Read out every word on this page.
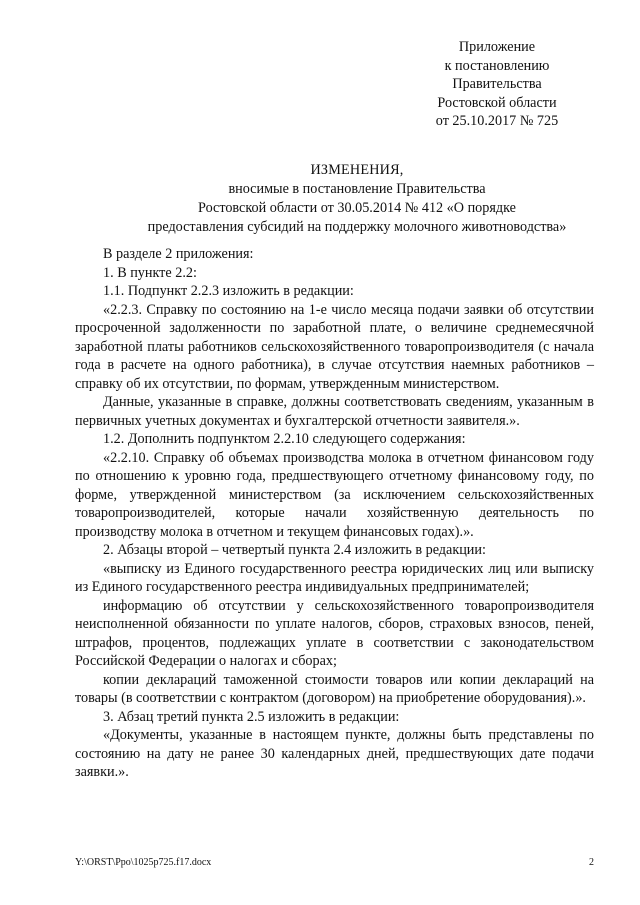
Приложение
к постановлению
Правительства
Ростовской области
от 25.10.2017 № 725
ИЗМЕНЕНИЯ,
вносимые в постановление Правительства
Ростовской области от 30.05.2014 № 412 «О порядке
предоставления субсидий на поддержку молочного животноводства»

В разделе 2 приложения:

1. В пункте 2.2:

1.1. Подпункт 2.2.3 изложить в редакции:

«2.2.3. Справку по состоянию на 1-е число месяца подачи заявки об отсутствии просроченной задолженности по заработной плате, о величине среднемесячной заработной платы работников сельскохозяйственного товаропроизводителя (с начала года в расчете на одного работника), в случае отсутствия наемных работников – справку об их отсутствии, по формам, утвержденным министерством.

Данные, указанные в справке, должны соответствовать сведениям, указанным в первичных учетных документах и бухгалтерской отчетности заявителя.».

1.2. Дополнить подпунктом 2.2.10 следующего содержания:

«2.2.10. Справку об объемах производства молока в отчетном финансовом году по отношению к уровню года, предшествующего отчетному финансовому году, по форме, утвержденной министерством (за исключением сельскохозяйственных товаропроизводителей, которые начали хозяйственную деятельность по производству молока в отчетном и текущем финансовых годах).».

2. Абзацы второй – четвертый пункта 2.4 изложить в редакции:

«выписку из Единого государственного реестра юридических лиц или выписку из Единого государственного реестра индивидуальных предпринимателей;

информацию об отсутствии у сельскохозяйственного товаропроизводителя неисполненной обязанности по уплате налогов, сборов, страховых взносов, пеней, штрафов, процентов, подлежащих уплате в соответствии с законодательством Российской Федерации о налогах и сборах;

копии деклараций таможенной стоимости товаров или копии деклараций на товары (в соответствии с контрактом (договором) на приобретение оборудования).».

3. Абзац третий пункта 2.5 изложить в редакции:

«Документы, указанные в настоящем пункте, должны быть представлены по состоянию на дату не ранее 30 календарных дней, предшествующих дате подачи заявки.».

Y:\ORST\Ppo\1025p725.f17.docx	2
